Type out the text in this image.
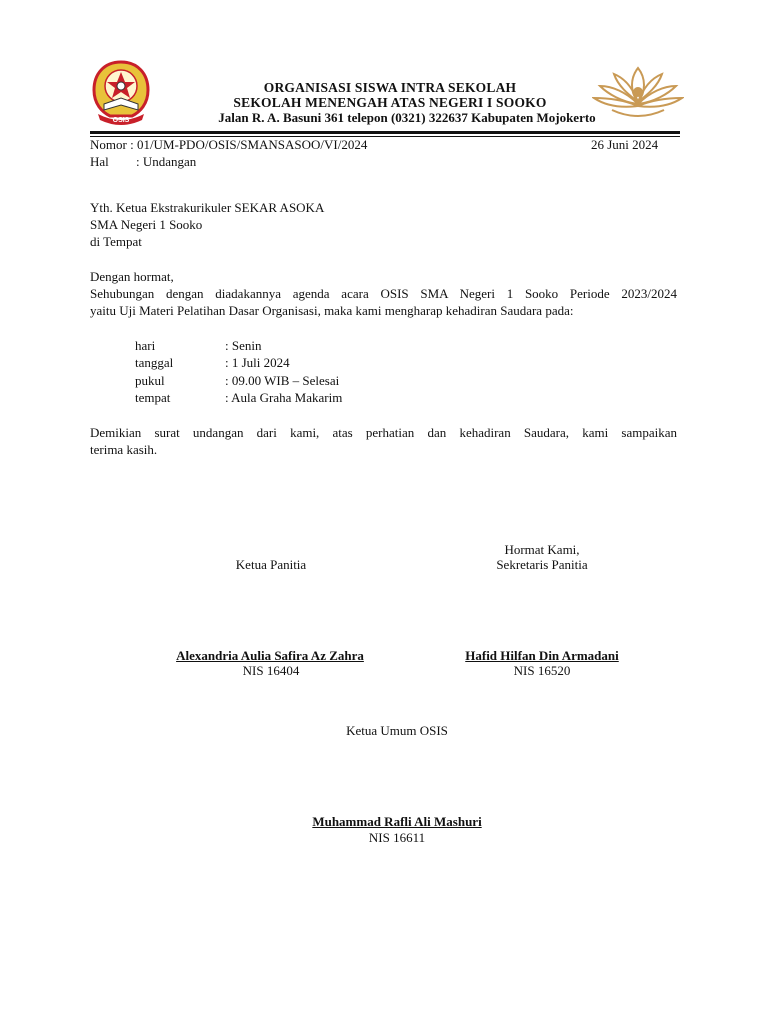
OSIS
ORGANISASI SISWA INTRA SEKOLAH
SEKOLAH MENENGAH ATAS NEGERI I SOOKO
Jalan R. A. Basuni 361 telepon (0321) 322637 Kabupaten Mojokerto
Nomor : 01/UM-PDO/OSIS/SMANSASOO/VI/2024	26 Juni 2024
Hal : Undangan
Yth. Ketua Ekstrakurikuler SEKAR ASOKA
SMA Negeri 1 Sooko
di Tempat
Dengan hormat,
Sehubungan dengan diadakannya agenda acara OSIS SMA Negeri 1 Sooko Periode 2023/2024
yaitu Uji Materi Pelatihan Dasar Organisasi, maka kami mengharap kehadiran Saudara pada:
hari	: Senin
tanggal	: 1 Juli 2024
pukul	: 09.00 WIB – Selesai
tempat	: Aula Graha Makarim
Demikian surat undangan dari kami, atas perhatian dan kehadiran Saudara, kami sampaikan
terima kasih.
Hormat Kami,
Ketua Panitia	Sekretaris Panitia
Alexandria Aulia Safira Az Zahra
NIS 16404
Hafid Hilfan Din Armadani
NIS 16520
Ketua Umum OSIS
Muhammad Rafli Ali Mashuri
NIS 16611
